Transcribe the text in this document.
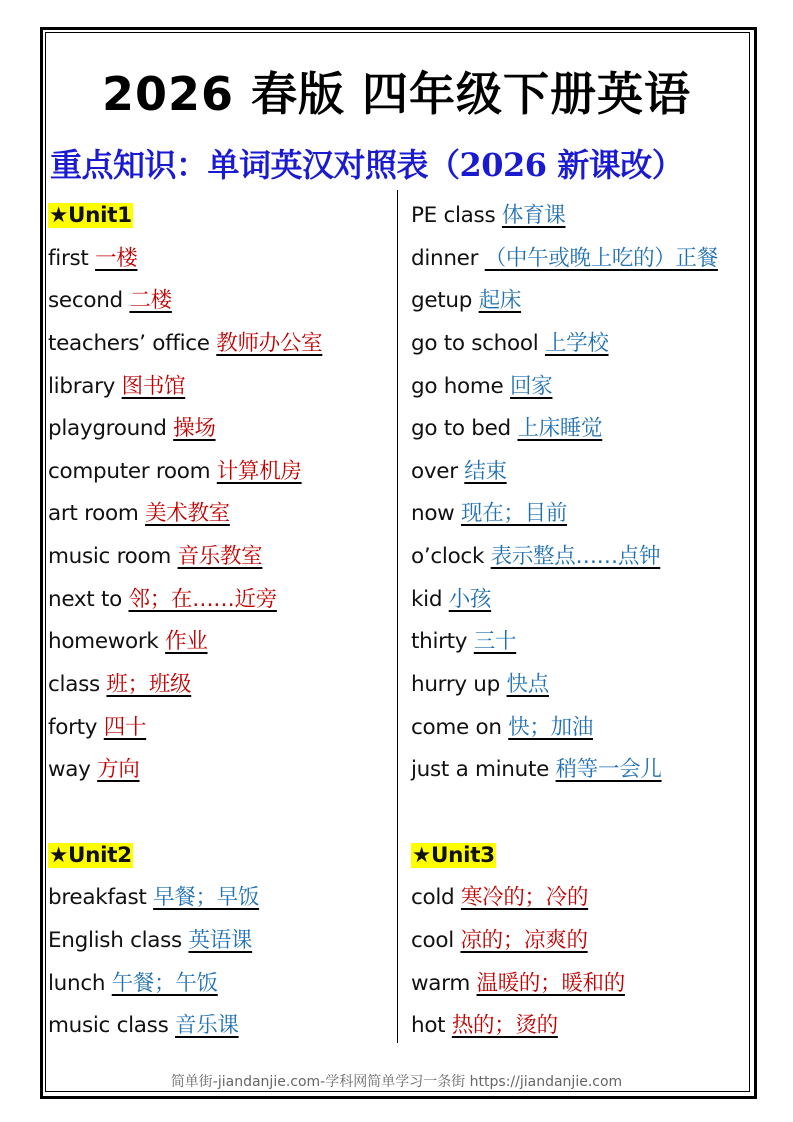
2026 春版 四年级下册英语
重点知识：单词英汉对照表（2026 新课改）
★Unit1
first 一楼
second 二楼
teachers’ office 教师办公室
library 图书馆
playground 操场
computer room 计算机房
art room 美术教室
music room 音乐教室
next to 邻；在……近旁
homework 作业
class 班；班级
forty 四十
way 方向
★Unit2
breakfast 早餐；早饭
English class 英语课
lunch 午餐；午饭
music class 音乐课
PE class 体育课
dinner （中午或晚上吃的）正餐
getup 起床
go to school 上学校
go home 回家
go to bed 上床睡觉
over 结束
now 现在；目前
o’clock 表示整点……点钟
kid 小孩
thirty 三十
hurry up 快点
come on 快；加油
just a minute 稍等一会儿
★Unit3
cold 寒冷的；冷的
cool 凉的；凉爽的
warm 温暖的；暖和的
hot 热的；烫的
简单街-jiandanjie.com-学科网简单学习一条街 https://jiandanjie.com
